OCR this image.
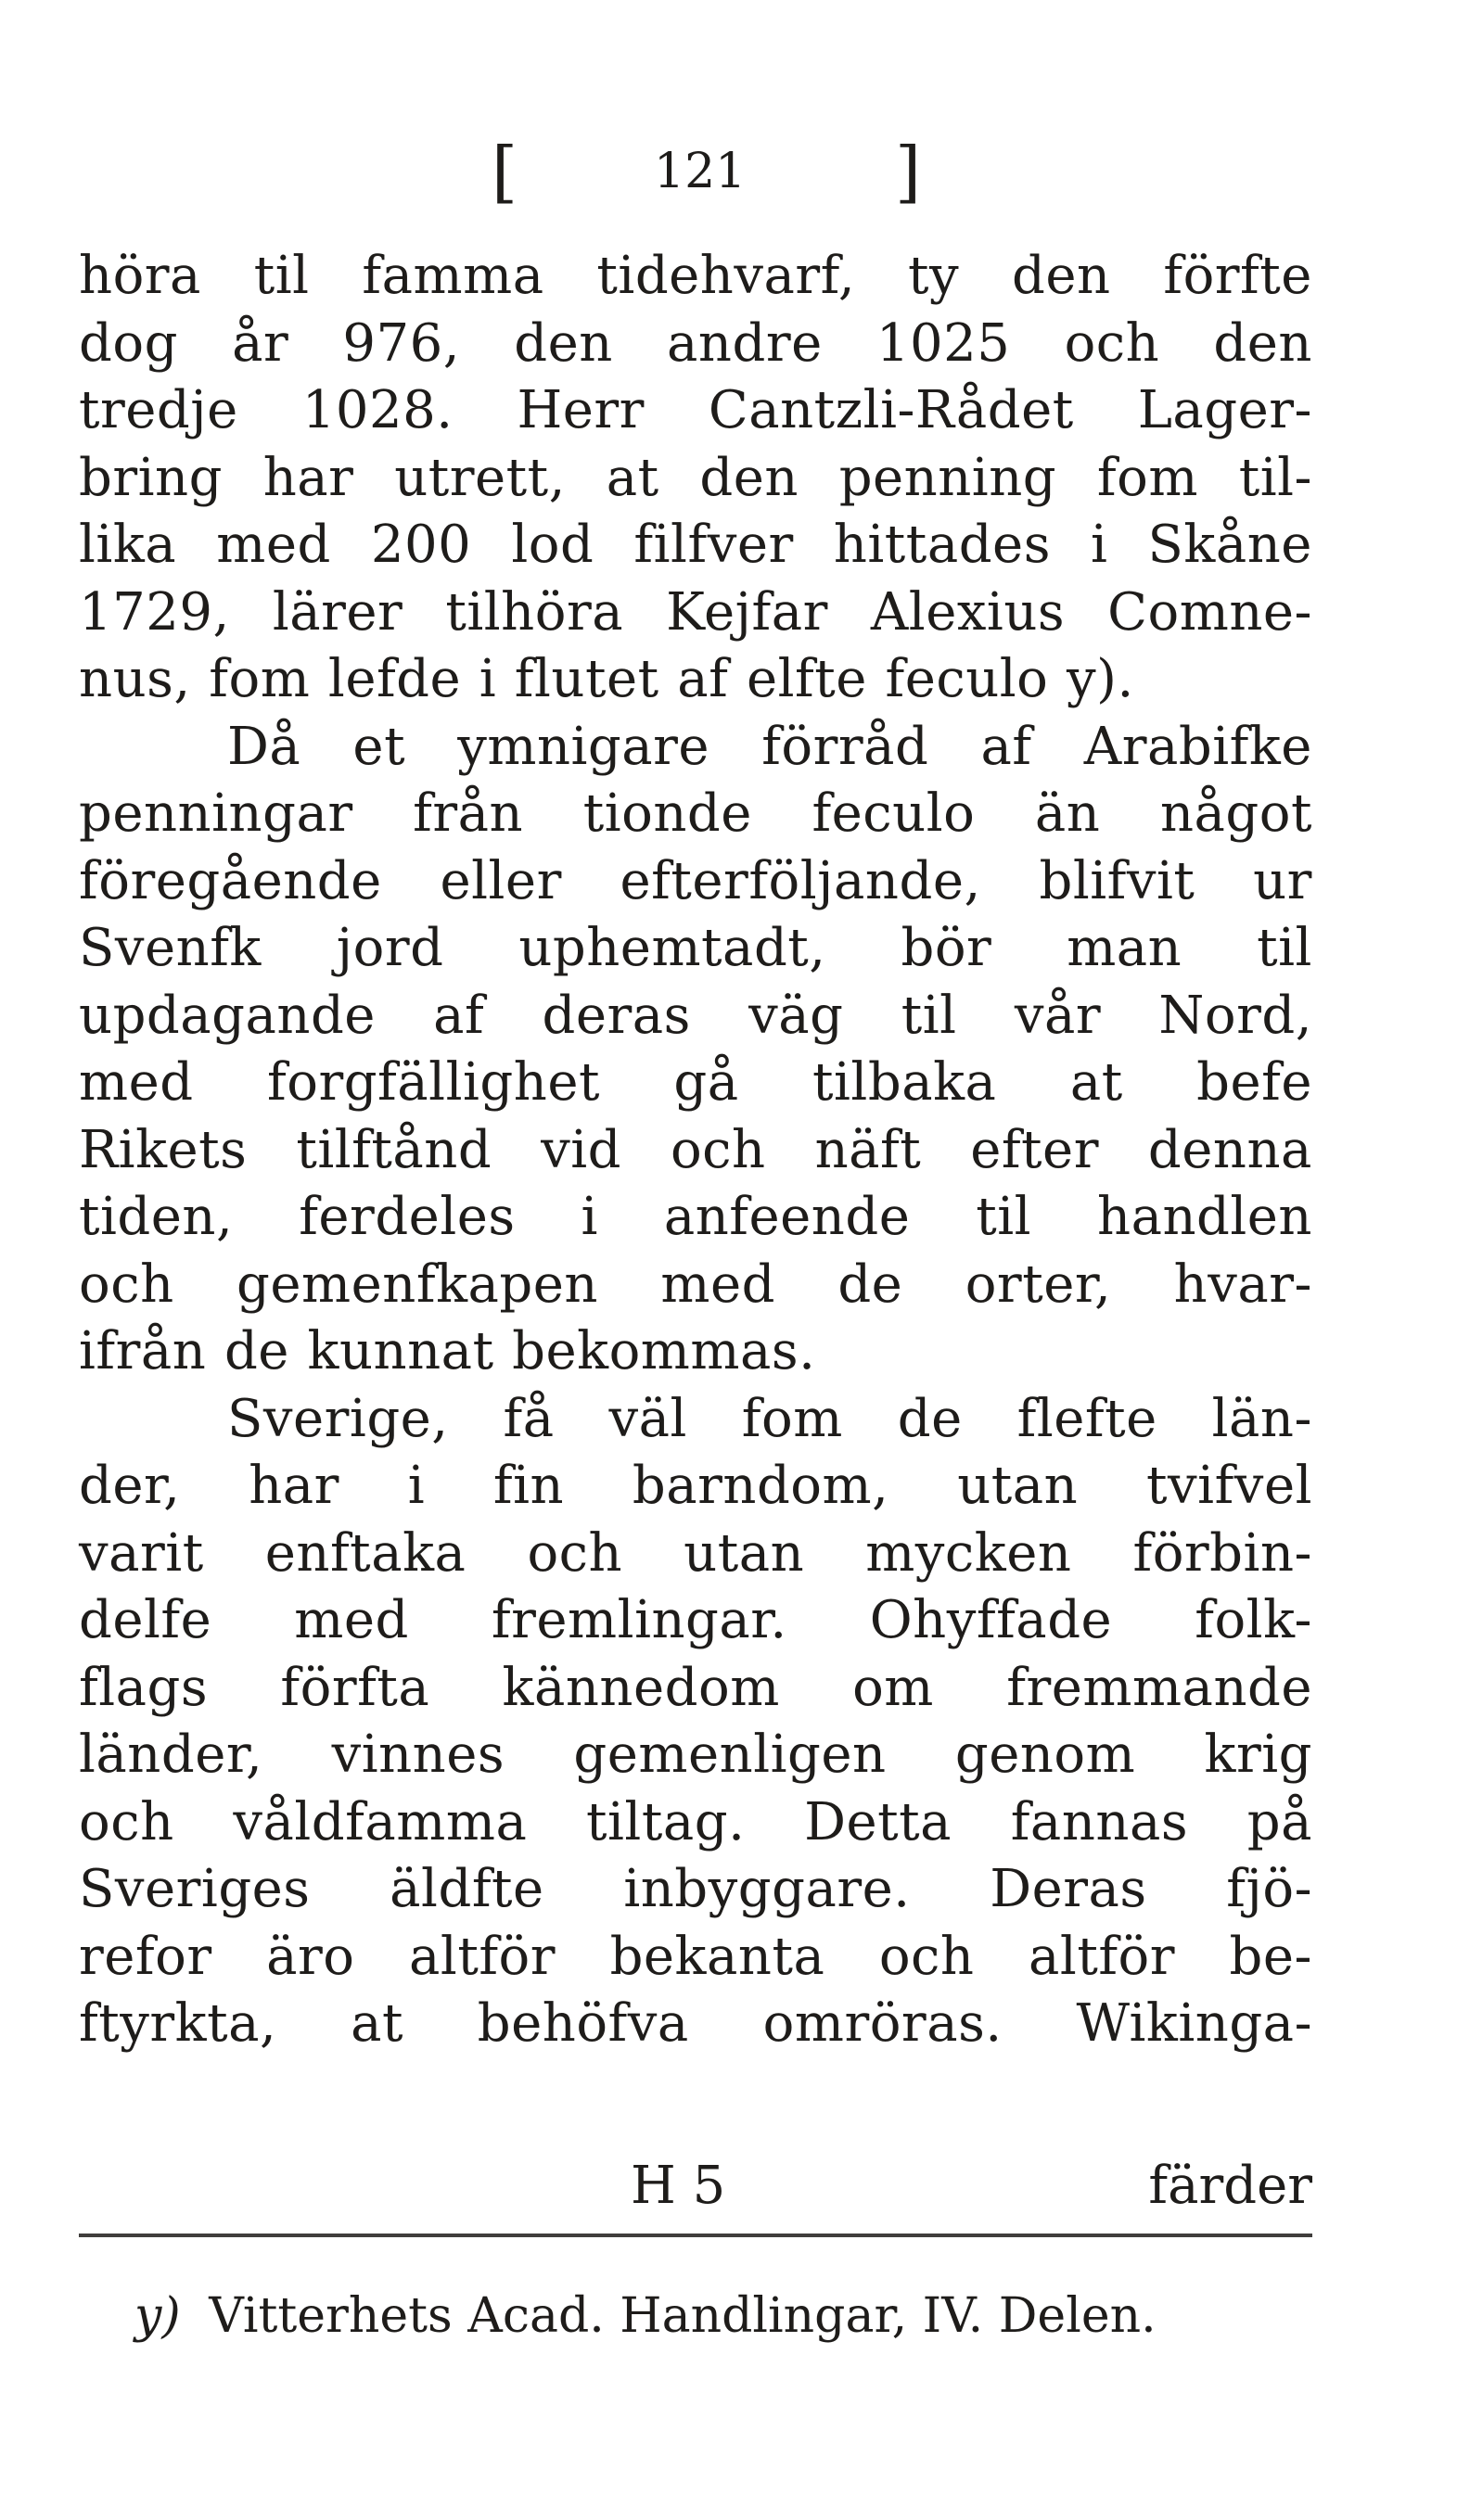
[	121 ]
höra til famma tidehvarf, ty den förfte
dog år 976, den andre 1025 och den
tredje 1028. Herr Cantzli-Rådet Lager-
bring har utrett, at den penning fom til-
lika med 200 lod filfver hittades i Skåne
1729, lärer tilhöra Kejfar Alexius Comne-
nus, fom lefde i flutet af elfte feculo y).
Då et ymnigare förråd af Arabifke
penningar från tionde feculo än något
föregående eller efterföljande, blifvit ur
Svenfk jord uphemtadt, bör man til
updagande af deras väg til vår Nord,
med forgfällighet gå tilbaka at befe
Rikets tilftånd vid och näft efter denna
tiden, ferdeles i anfeende til handlen
och gemenfkapen med de orter, hvar-
ifrån de kunnat bekommas.
Sverige, få väl fom de flefte län-
der, har i fin barndom, utan tvifvel
varit enftaka och utan mycken förbin-
delfe med fremlingar. Ohyffade folk-
flags förfta kännedom om fremmande
länder, vinnes gemenligen genom krig
och våldfamma tiltag. Detta fannas på
Sveriges äldfte inbyggare. Deras fjö-
refor äro altför bekanta och altför be-
ftyrkta, at behöfva omröras. Wikinga-
H 5	färder
y) Vitterhets Acad. Handlingar, IV. Delen.
